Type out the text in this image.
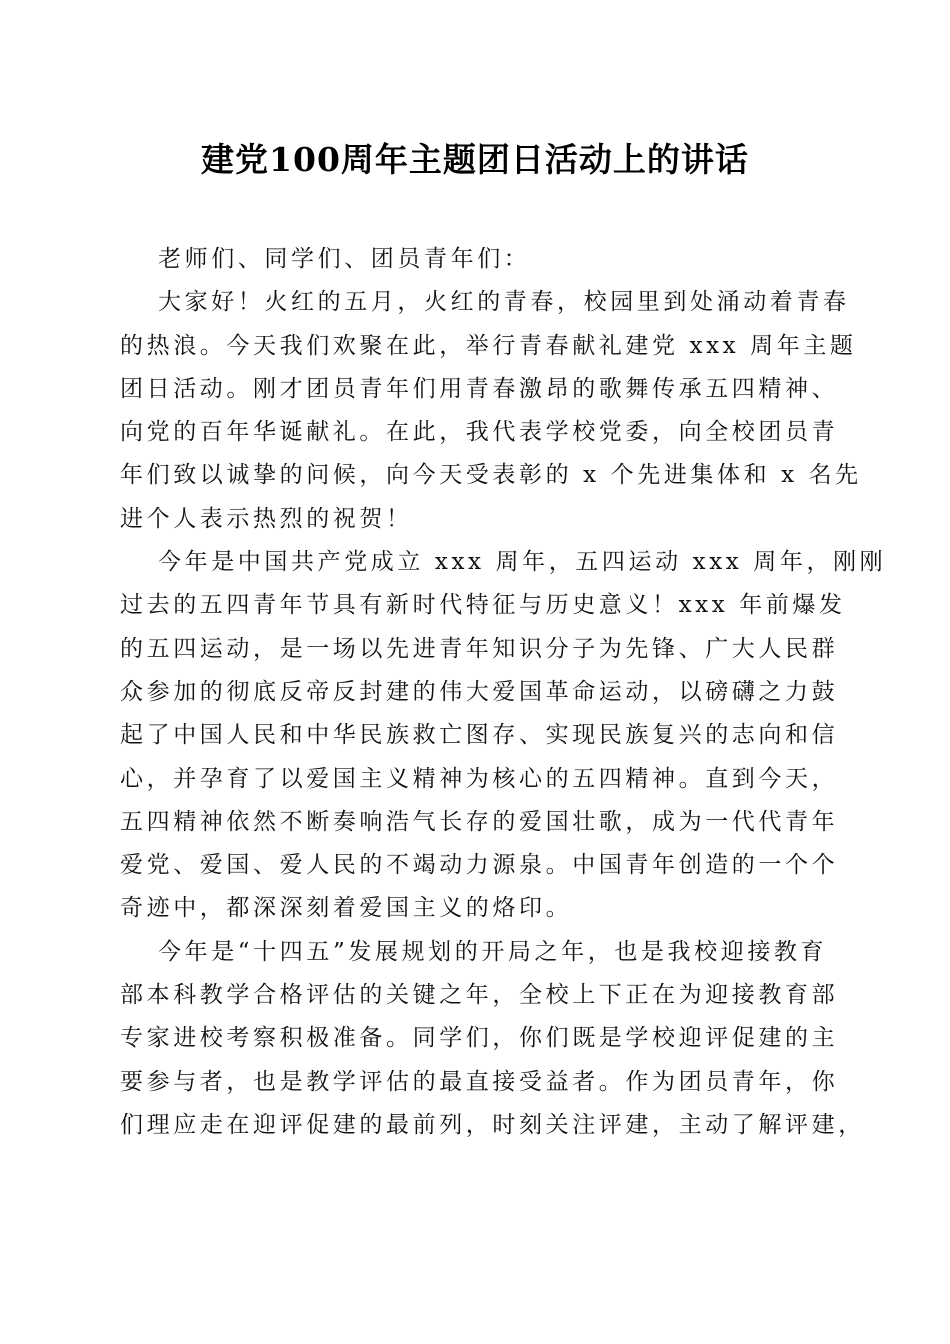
建党100周年主题团日活动上的讲话

老师们、同学们、团员青年们：

大家好！火红的五月，火红的青春，校园里到处涌动着青春
的热浪。今天我们欢聚在此，举行青春献礼建党 xxx 周年主题
团日活动。刚才团员青年们用青春激昂的歌舞传承五四精神、
向党的百年华诞献礼。在此，我代表学校党委，向全校团员青
年们致以诚挚的问候，向今天受表彰的 x 个先进集体和 x 名先
进个人表示热烈的祝贺！

今年是中国共产党成立 xxx 周年，五四运动 xxx 周年，刚刚
过去的五四青年节具有新时代特征与历史意义！xxx 年前爆发
的五四运动，是一场以先进青年知识分子为先锋、广大人民群
众参加的彻底反帝反封建的伟大爱国革命运动，以磅礴之力鼓
起了中国人民和中华民族救亡图存、实现民族复兴的志向和信
心，并孕育了以爱国主义精神为核心的五四精神。直到今天，
五四精神依然不断奏响浩气长存的爱国壮歌，成为一代代青年
爱党、爱国、爱人民的不竭动力源泉。中国青年创造的一个个
奇迹中，都深深刻着爱国主义的烙印。

今年是“十四五”发展规划的开局之年，也是我校迎接教育
部本科教学合格评估的关键之年，全校上下正在为迎接教育部
专家进校考察积极准备。同学们，你们既是学校迎评促建的主
要参与者，也是教学评估的最直接受益者。作为团员青年，你
们理应走在迎评促建的最前列，时刻关注评建，主动了解评建，
